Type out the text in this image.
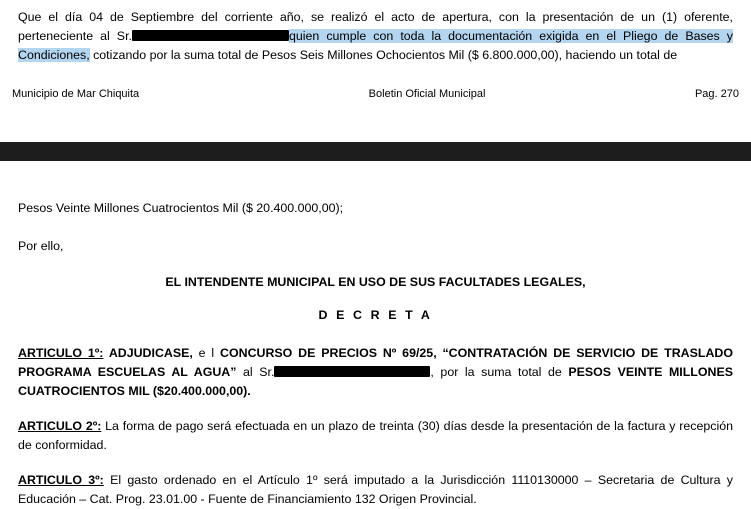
Que el día 04 de Septiembre del corriente año, se realizó el acto de apertura, con la presentación de un (1) oferente, perteneciente al Sr.	quien cumple con toda la documentación exigida en el Pliego de Bases y Condiciones, cotizando por la suma total de Pesos Seis Millones Ochocientos Mil ($ 6.800.000,00), haciendo un total de

Municipio de Mar Chiquita	Boletin Oficial Municipal	Pag. 270

Pesos Veinte Millones Cuatrocientos Mil ($ 20.400.000,00);

Por ello,

EL INTENDENTE MUNICIPAL EN USO DE SUS FACULTADES LEGALES,

D E C R E T A

ARTICULO 1º: ADJUDICASE, e l CONCURSO DE PRECIOS Nº 69/25, “CONTRATACIÓN DE SERVICIO DE TRASLADO PROGRAMA ESCUELAS AL AGUA” al Sr.	, por la suma total de PESOS VEINTE MILLONES CUATROCIENTOS MIL ($20.400.000,00).

ARTICULO 2º: La forma de pago será efectuada en un plazo de treinta (30) días desde la presentación de la factura y recepción de conformidad.

ARTICULO 3º: El gasto ordenado en el Artículo 1º será imputado a la Jurisdicción 1110130000 – Secretaria de Cultura y Educación – Cat. Prog. 23.01.00 - Fuente de Financiamiento 132 Origen Provincial.
